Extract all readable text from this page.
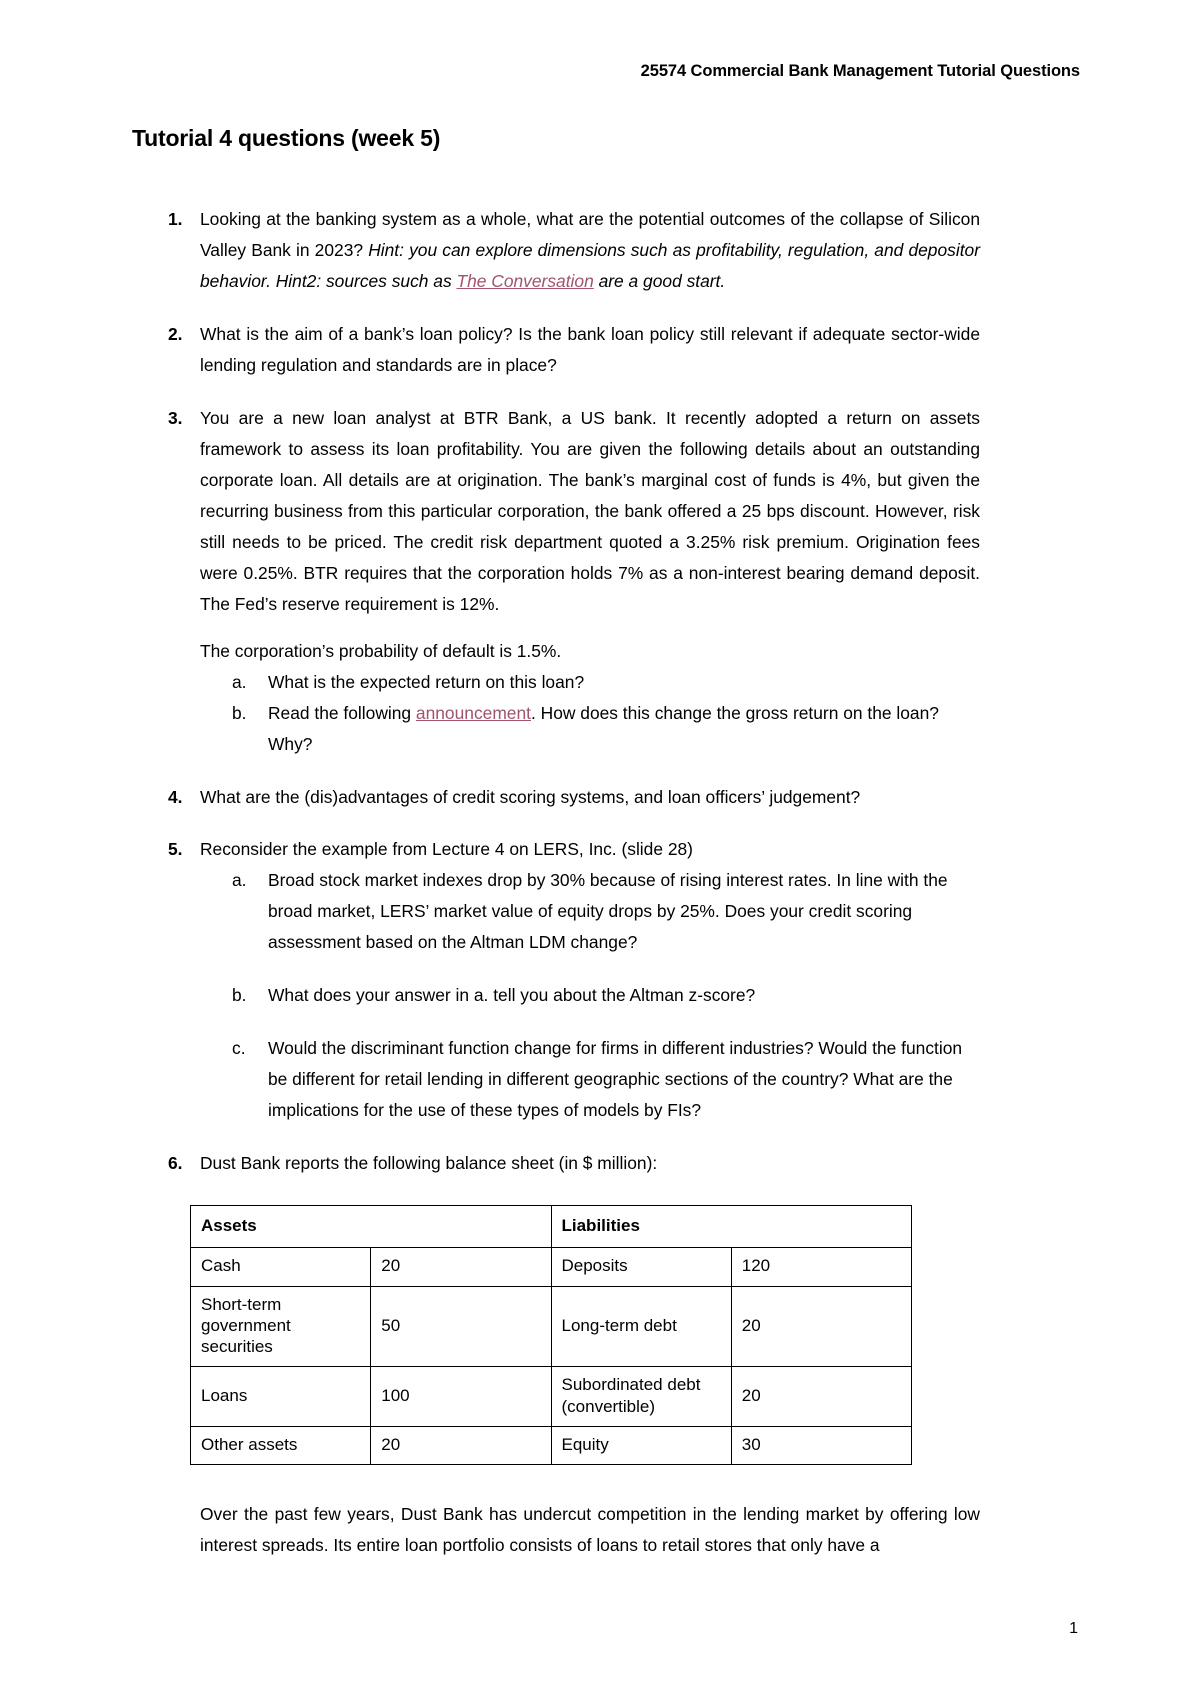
25574 Commercial Bank Management Tutorial Questions
Tutorial 4 questions (week 5)
1.	Looking at the banking system as a whole, what are the potential outcomes of the collapse of Silicon Valley Bank in 2023? Hint: you can explore dimensions such as profitability, regulation, and depositor behavior. Hint2: sources such as The Conversation are a good start.
2.	What is the aim of a bank’s loan policy? Is the bank loan policy still relevant if adequate sector-wide lending regulation and standards are in place?
3.	You are a new loan analyst at BTR Bank, a US bank. It recently adopted a return on assets framework to assess its loan profitability. You are given the following details about an outstanding corporate loan. All details are at origination. The bank’s marginal cost of funds is 4%, but given the recurring business from this particular corporation, the bank offered a 25 bps discount. However, risk still needs to be priced. The credit risk department quoted a 3.25% risk premium. Origination fees were 0.25%. BTR requires that the corporation holds 7% as a non-interest bearing demand deposit. The Fed’s reserve requirement is 12%.
The corporation’s probability of default is 1.5%.
a.	What is the expected return on this loan?
b.	Read the following announcement. How does this change the gross return on the loan? Why?
4.	What are the (dis)advantages of credit scoring systems, and loan officers’ judgement?
5.	Reconsider the example from Lecture 4 on LERS, Inc. (slide 28)
a.	Broad stock market indexes drop by 30% because of rising interest rates. In line with the broad market, LERS’ market value of equity drops by 25%. Does your credit scoring assessment based on the Altman LDM change?
b.	What does your answer in a. tell you about the Altman z-score?
c.	Would the discriminant function change for firms in different industries? Would the function be different for retail lending in different geographic sections of the country? What are the implications for the use of these types of models by FIs?
6.	Dust Bank reports the following balance sheet (in $ million):
Assets		Liabilities	
Cash	20	Deposits	120
Short-term government securities	50	Long-term debt	20
Loans	100	Subordinated debt (convertible)	20
Other assets	20	Equity	30
Over the past few years, Dust Bank has undercut competition in the lending market by offering low interest spreads. Its entire loan portfolio consists of loans to retail stores that only have a
1
